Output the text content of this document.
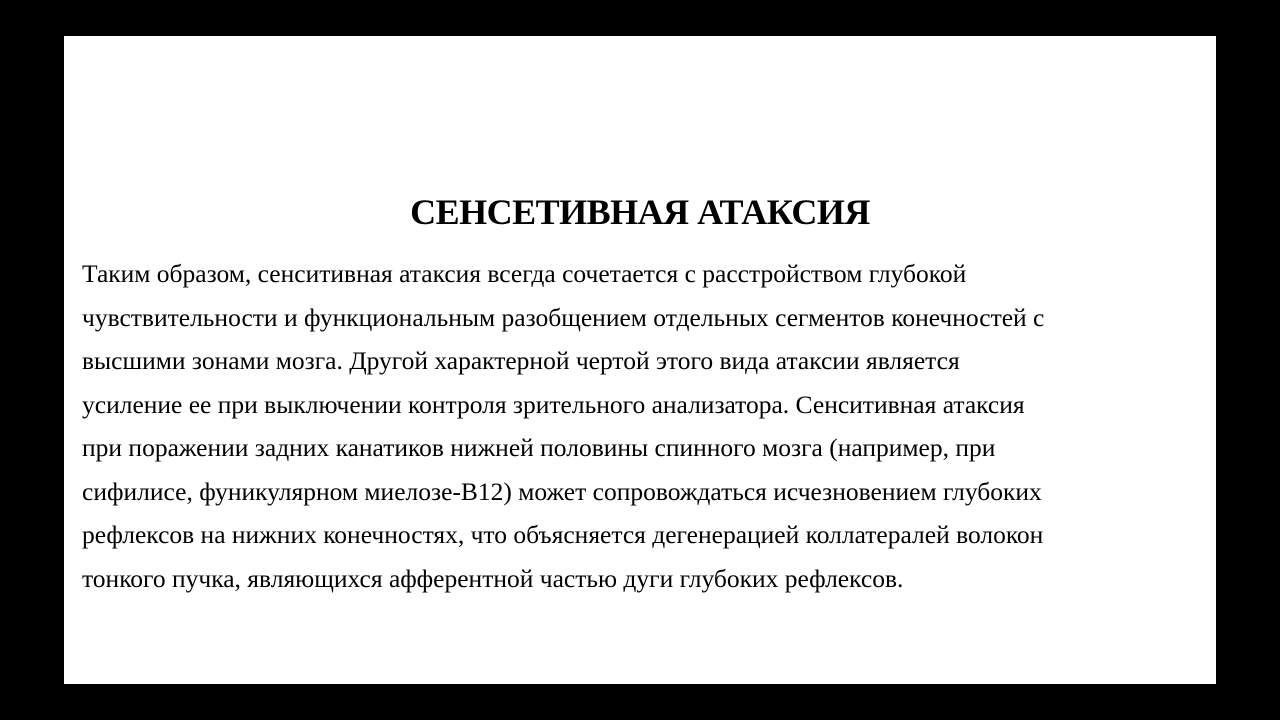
СЕНСЕТИВНАЯ АТАКСИЯ

Таким образом, сенситивная атаксия всегда сочетается с расстройством глубокой
чувствительности и функциональным разобщением отдельных сегментов конечностей с
высшими зонами мозга. Другой характерной чертой этого вида атаксии является
усиление ее при выключении контроля зрительного анализатора. Сенситивная атаксия
при поражении задних канатиков нижней половины спинного мозга (например, при
сифилисе, фуникулярном миелозе-В12) может сопровождаться исчезновением глубоких
рефлексов на нижних конечностях, что объясняется дегенерацией коллатералей волокон
тонкого пучка, являющихся афферентной частью дуги глубоких рефлексов.
